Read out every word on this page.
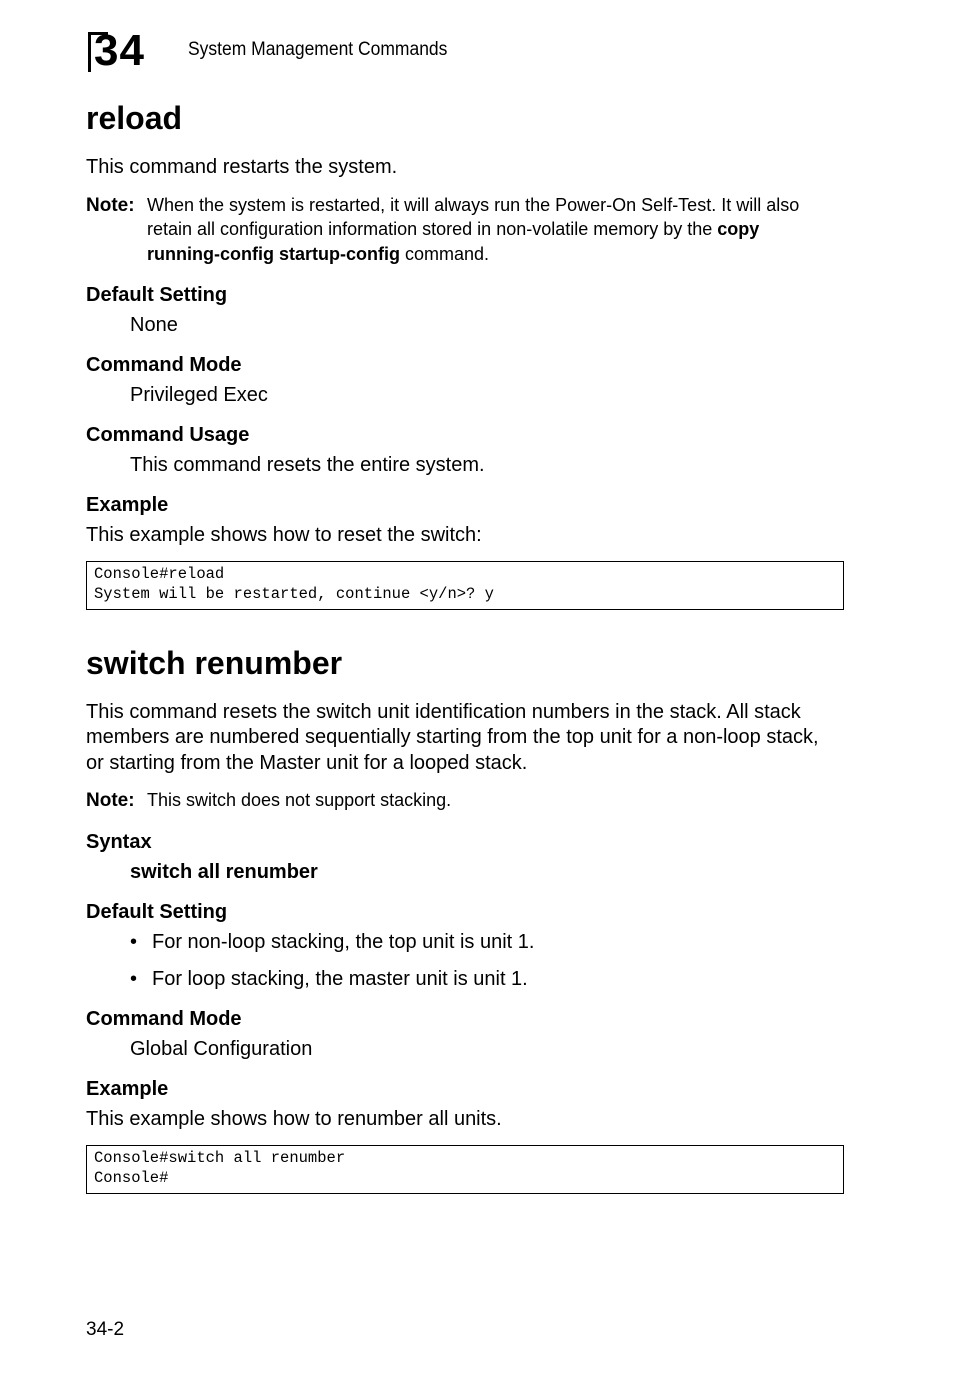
34 System Management Commands
reload
This command restarts the system.
Note: When the system is restarted, it will always run the Power-On Self-Test. It will also
retain all configuration information stored in non-volatile memory by the copy
running-config startup-config command.
Default Setting
None
Command Mode
Privileged Exec
Command Usage
This command resets the entire system.
Example
This example shows how to reset the switch:
Console#reload
System will be restarted, continue <y/n>? y
switch renumber
This command resets the switch unit identification numbers in the stack. All stack
members are numbered sequentially starting from the top unit for a non-loop stack,
or starting from the Master unit for a looped stack.
Note: This switch does not support stacking.
Syntax
switch all renumber
Default Setting
• For non-loop stacking, the top unit is unit 1.
• For loop stacking, the master unit is unit 1.
Command Mode
Global Configuration
Example
This example shows how to renumber all units.
Console#switch all renumber
Console#
34-2
